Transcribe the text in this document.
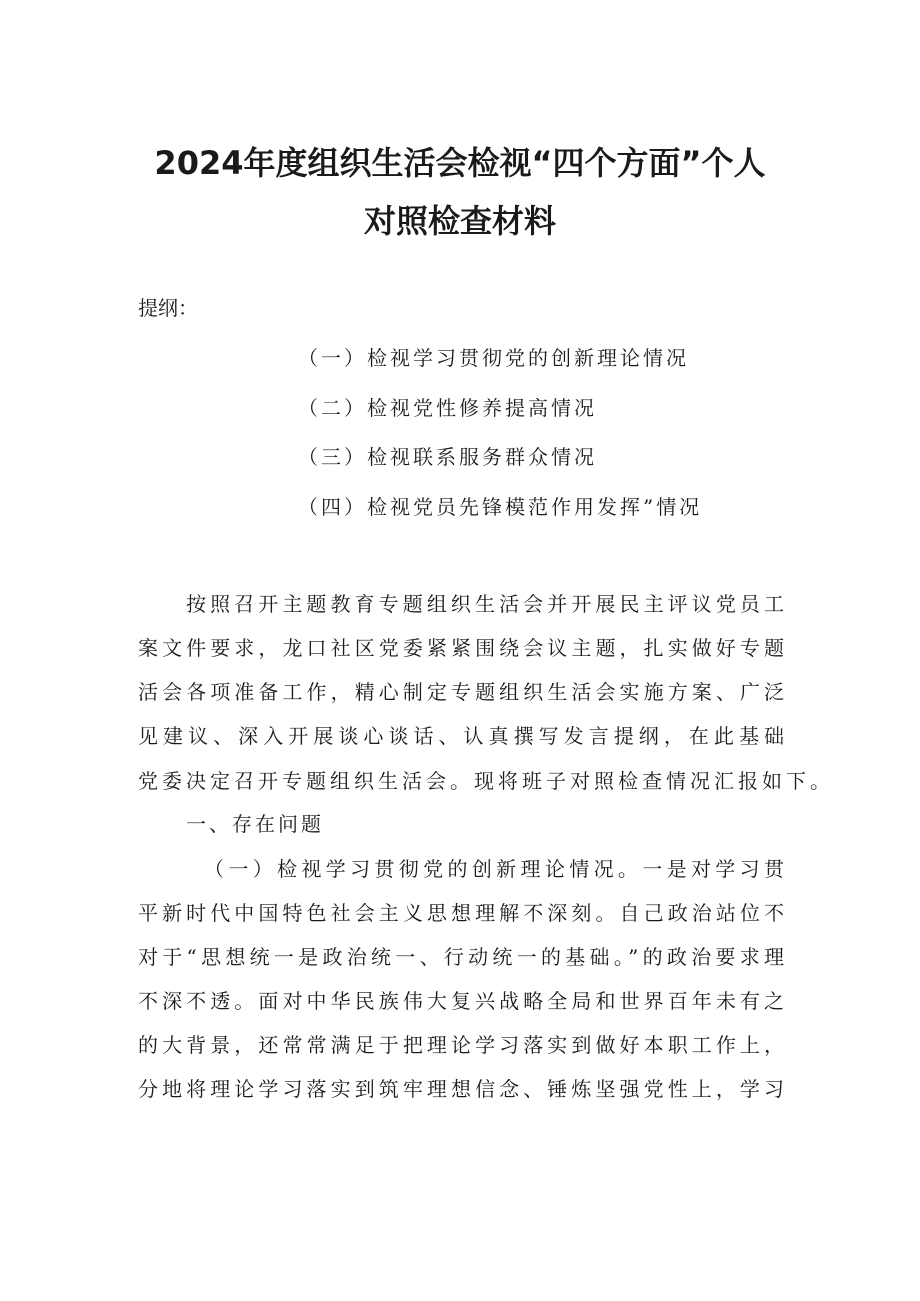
2024年度组织生活会检视“四个方面”个人
对照检查材料
提纲：
（一）检视学习贯彻党的创新理论情况
（二）检视党性修养提高情况
（三）检视联系服务群众情况
（四）检视党员先锋模范作用发挥”情况
按照召开主题教育专题组织生活会并开展民主评议党员工
案文件要求，龙口社区党委紧紧围绕会议主题，扎实做好专题
活会各项准备工作，精心制定专题组织生活会实施方案、广泛
见建议、深入开展谈心谈话、认真撰写发言提纲，在此基础
党委决定召开专题组织生活会。现将班子对照检查情况汇报如下。
一、存在问题
（一）检视学习贯彻党的创新理论情况。一是对学习贯
平新时代中国特色社会主义思想理解不深刻。自己政治站位不
对于“思想统一是政治统一、行动统一的基础。”的政治要求理
不深不透。面对中华民族伟大复兴战略全局和世界百年未有之
的大背景，还常常满足于把理论学习落实到做好本职工作上，
分地将理论学习落实到筑牢理想信念、锤炼坚强党性上，学习
